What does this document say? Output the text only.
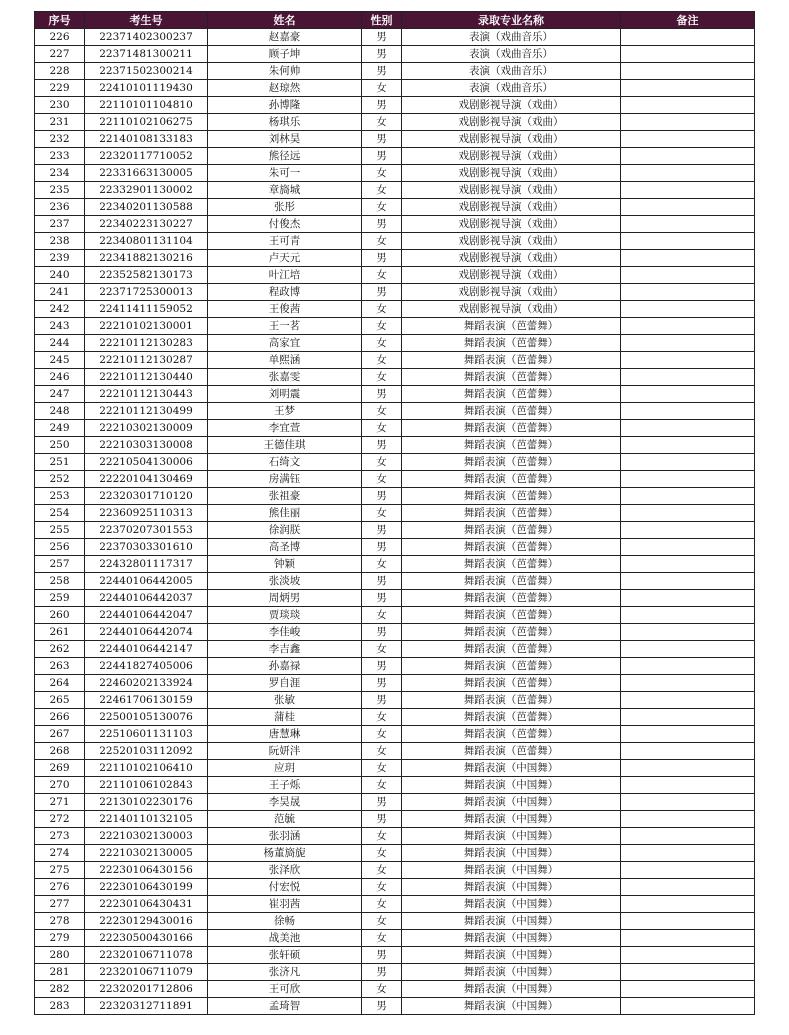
序号	考生号	姓名	性别	录取专业名称	备注
226	22371402300237	赵嘉豪	男	表演（戏曲音乐）	
227	22371481300211	顾子坤	男	表演（戏曲音乐）	
228	22371502300214	朱何帅	男	表演（戏曲音乐）	
229	22410101119430	赵琼然	女	表演（戏曲音乐）	
230	22110101104810	孙博隆	男	戏剧影视导演（戏曲）	
231	22110102106275	杨琪乐	女	戏剧影视导演（戏曲）	
232	22140108133183	刘林昊	男	戏剧影视导演（戏曲）	
233	22320117710052	熊径远	男	戏剧影视导演（戏曲）	
234	22331663130005	朱可一	女	戏剧影视导演（戏曲）	
235	22332901130002	章旖城	女	戏剧影视导演（戏曲）	
236	22340201130588	张彤	女	戏剧影视导演（戏曲）	
237	22340223130227	付俊杰	男	戏剧影视导演（戏曲）	
238	22340801131104	王可青	女	戏剧影视导演（戏曲）	
239	22341882130216	卢天元	男	戏剧影视导演（戏曲）	
240	22352582130173	叶江培	女	戏剧影视导演（戏曲）	
241	22371725300013	程政博	男	戏剧影视导演（戏曲）	
242	22411411159052	王俊茜	女	戏剧影视导演（戏曲）	
243	22210102130001	王一茗	女	舞蹈表演（芭蕾舞）	
244	22210112130283	高家宜	女	舞蹈表演（芭蕾舞）	
245	22210112130287	单熙涵	女	舞蹈表演（芭蕾舞）	
246	22210112130440	张嘉雯	女	舞蹈表演（芭蕾舞）	
247	22210112130443	刘明震	男	舞蹈表演（芭蕾舞）	
248	22210112130499	王梦	女	舞蹈表演（芭蕾舞）	
249	22210302130009	李宜萱	女	舞蹈表演（芭蕾舞）	
250	22210303130008	王德佳琪	男	舞蹈表演（芭蕾舞）	
251	22210504130006	石绮文	女	舞蹈表演（芭蕾舞）	
252	22220104130469	房满钰	女	舞蹈表演（芭蕾舞）	
253	22320301710120	张祖豪	男	舞蹈表演（芭蕾舞）	
254	22360925110313	熊佳丽	女	舞蹈表演（芭蕾舞）	
255	22370207301553	徐润朕	男	舞蹈表演（芭蕾舞）	
256	22370303301610	高圣博	男	舞蹈表演（芭蕾舞）	
257	22432801117317	钟颖	女	舞蹈表演（芭蕾舞）	
258	22440106442005	张淡坡	男	舞蹈表演（芭蕾舞）	
259	22440106442037	周炳男	男	舞蹈表演（芭蕾舞）	
260	22440106442047	贾琰琰	女	舞蹈表演（芭蕾舞）	
261	22440106442074	李佳峻	男	舞蹈表演（芭蕾舞）	
262	22440106442147	李吉鑫	女	舞蹈表演（芭蕾舞）	
263	22441827405006	孙嘉禄	男	舞蹈表演（芭蕾舞）	
264	22460202133924	罗自涯	男	舞蹈表演（芭蕾舞）	
265	22461706130159	张敏	男	舞蹈表演（芭蕾舞）	
266	22500105130076	蒲桂	女	舞蹈表演（芭蕾舞）	
267	22510601131103	唐慧琳	女	舞蹈表演（芭蕾舞）	
268	22520103112092	阮妍泮	女	舞蹈表演（芭蕾舞）	
269	22110102106410	应玥	女	舞蹈表演（中国舞）	
270	22110106102843	王子烁	女	舞蹈表演（中国舞）	
271	22130102230176	李昊晟	男	舞蹈表演（中国舞）	
272	22140110132105	范毓	男	舞蹈表演（中国舞）	
273	22210302130003	张羽涵	女	舞蹈表演（中国舞）	
274	22210302130005	杨董旖旎	女	舞蹈表演（中国舞）	
275	22230106430156	张泽欣	女	舞蹈表演（中国舞）	
276	22230106430199	付宏悦	女	舞蹈表演（中国舞）	
277	22230106430431	崔羽茜	女	舞蹈表演（中国舞）	
278	22230129430016	徐畅	女	舞蹈表演（中国舞）	
279	22230500430166	战美池	女	舞蹈表演（中国舞）	
280	22320106711078	张轩硕	男	舞蹈表演（中国舞）	
281	22320106711079	张济凡	男	舞蹈表演（中国舞）	
282	22320201712806	王可欣	女	舞蹈表演（中国舞）	
283	22320312711891	孟琦智	男	舞蹈表演（中国舞）	
